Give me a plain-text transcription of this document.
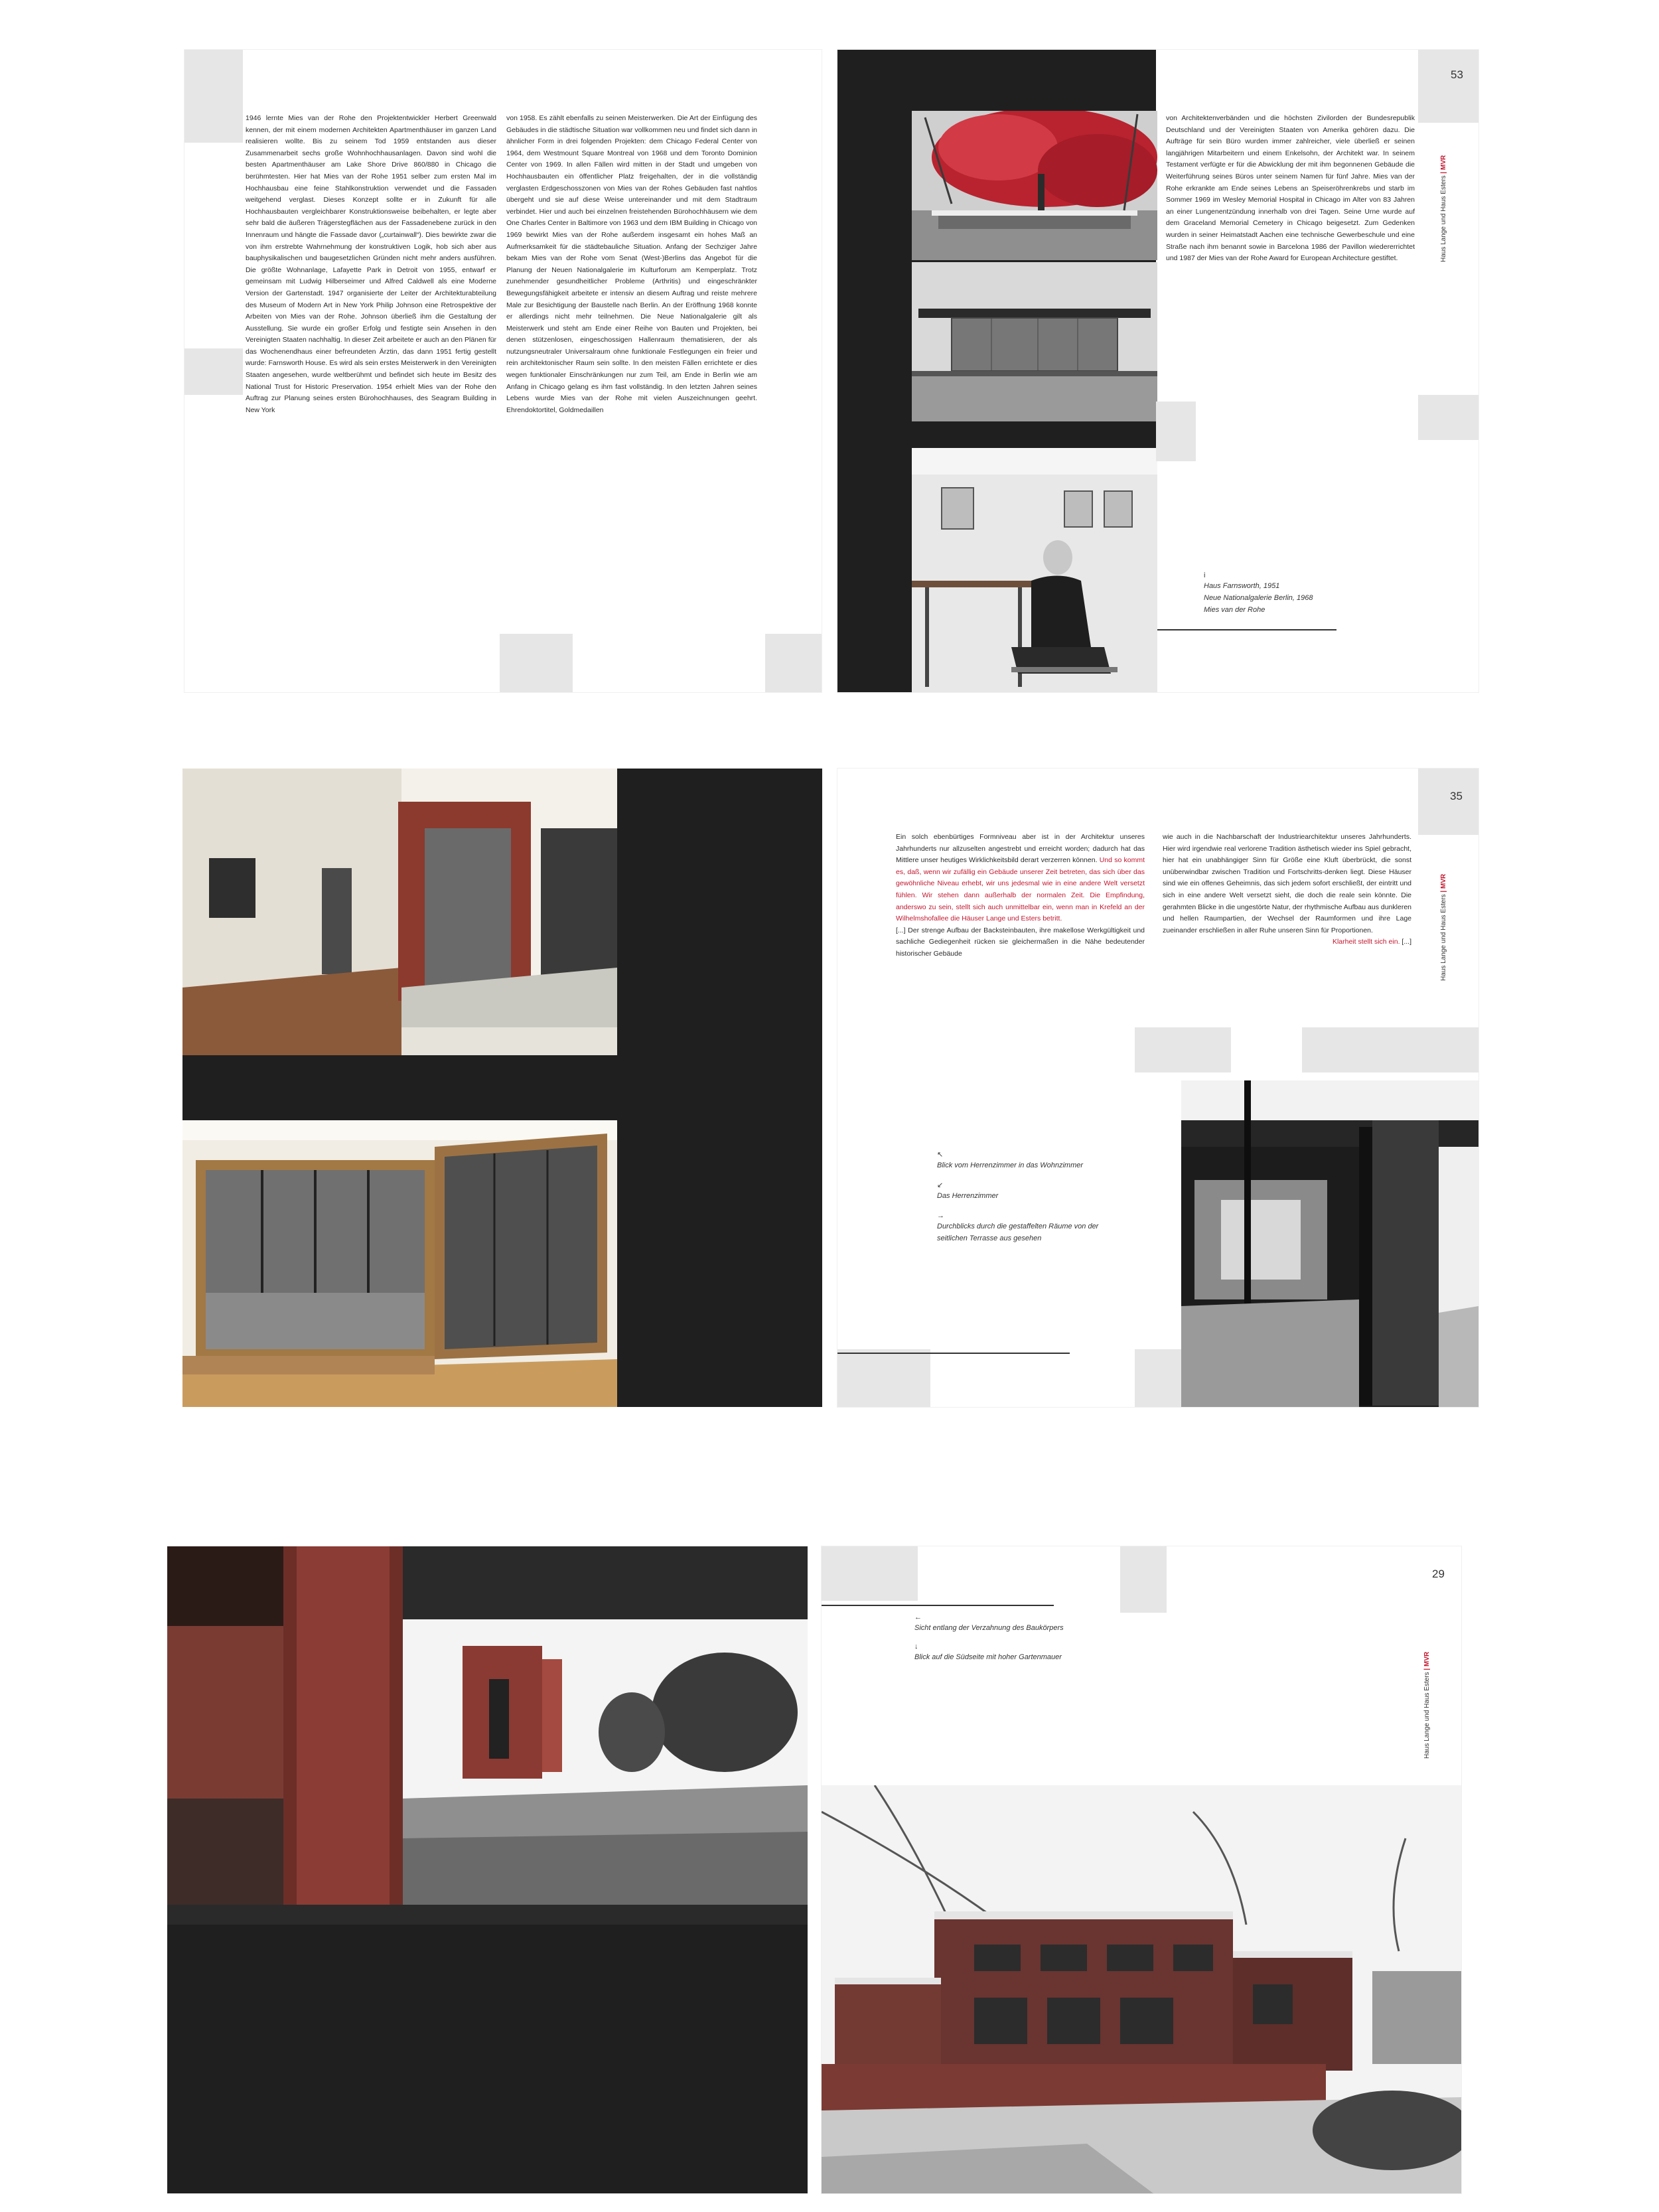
1946 lernte Mies van der Rohe den Projektentwickler Herbert Greenwald kennen, der mit einem modernen Architekten Apartmenthäuser im ganzen Land realisieren wollte. Bis zu seinem Tod 1959 entstanden aus dieser Zusammenarbeit sechs große Wohnhochhausanlagen. Davon sind wohl die besten Apartmenthäuser am Lake Shore Drive 860/880 in Chicago die berühmtesten. Hier hat Mies van der Rohe 1951 selber zum ersten Mal im Hochhausbau eine feine Stahlkonstruktion verwendet und die Fassaden weitgehend verglast. Dieses Konzept sollte er in Zukunft für alle Hochhausbauten vergleichbarer Konstruktionsweise beibehalten, er legte aber sehr bald die äußeren Trägerstegflächen aus der Fassadenebene zurück in den Innenraum und hängte die Fassade davor („curtainwall“). Dies bewirkte zwar die von ihm erstrebte Wahrnehmung der konstruktiven Logik, hob sich aber aus bauphysikalischen und baugesetzlichen Gründen nicht mehr anders ausführen. Die größte Wohnanlage, Lafayette Park in Detroit von 1955, entwarf er gemeinsam mit Ludwig Hilberseimer und Alfred Caldwell als eine Moderne Version der Gartenstadt. 1947 organisierte der Leiter der Architekturabteilung des Museum of Modern Art in New York Philip Johnson eine Retrospektive der Arbeiten von Mies van der Rohe. Johnson überließ ihm die Gestaltung der Ausstellung. Sie wurde ein großer Erfolg und festigte sein Ansehen in den Vereinigten Staaten nachhaltig. In dieser Zeit arbeitete er auch an den Plänen für das Wochenendhaus einer befreundeten Ärztin, das dann 1951 fertig gestellt wurde: Farnsworth House. Es wird als sein erstes Meisterwerk in den Vereinigten Staaten angesehen, wurde weltberühmt und befindet sich heute im Besitz des National Trust for Historic Preservation. 1954 erhielt Mies van der Rohe den Auftrag zur Planung seines ersten Bürohochhauses, des Seagram Building in New York
von 1958. Es zählt ebenfalls zu seinen Meisterwerken. Die Art der Einfügung des Gebäudes in die städtische Situation war vollkommen neu und findet sich dann in ähnlicher Form in drei folgenden Projekten: dem Chicago Federal Center von 1964, dem Westmount Square Montreal von 1968 und dem Toronto Dominion Center von 1969. In allen Fällen wird mitten in der Stadt und umgeben von Hochhausbauten ein öffentlicher Platz freigehalten, der in die vollständig verglasten Erdgeschosszonen von Mies van der Rohes Gebäuden fast nahtlos übergeht und sie auf diese Weise untereinander und mit dem Stadtraum verbindet. Hier und auch bei einzelnen freistehenden Bürohochhäusern wie dem One Charles Center in Baltimore von 1963 und dem IBM Building in Chicago von 1969 bewirkt Mies van der Rohe außerdem insgesamt ein hohes Maß an Aufmerksamkeit für die städtebauliche Situation. Anfang der Sechziger Jahre bekam Mies van der Rohe vom Senat (West-)Berlins das Angebot für die Planung der Neuen Nationalgalerie im Kulturforum am Kemperplatz. Trotz zunehmender gesundheitlicher Probleme (Arthritis) und eingeschränkter Bewegungsfähigkeit arbeitete er intensiv an diesem Auftrag und reiste mehrere Male zur Besichtigung der Baustelle nach Berlin. An der Eröffnung 1968 konnte er allerdings nicht mehr teilnehmen. Die Neue Nationalgalerie gilt als Meisterwerk und steht am Ende einer Reihe von Bauten und Projekten, bei denen stützenlosen, eingeschossigen Hallenraum thematisieren, der als nutzungsneutraler Universalraum ohne funktionale Festlegungen ein freier und rein architektonischer Raum sein sollte. In den meisten Fällen errichtete er dies wegen funktionaler Einschränkungen nur zum Teil, am Ende in Berlin wie am Anfang in Chicago gelang es ihm fast vollständig. In den letzten Jahren seines Lebens wurde Mies van der Rohe mit vielen Auszeichnungen geehrt. Ehrendoktortitel, Goldmedaillen
von Architektenverbänden und die höchsten Zivilorden der Bundesrepublik Deutschland und der Vereinigten Staaten von Amerika gehören dazu. Die Aufträge für sein Büro wurden immer zahlreicher, viele überließ er seinen langjährigen Mitarbeitern und einem Enkelsohn, der Architekt war. In seinem Testament verfügte er für die Abwicklung der mit ihm begonnenen Gebäude die Weiterführung seines Büros unter seinem Namen für fünf Jahre. Mies van der Rohe erkrankte am Ende seines Lebens an Speiseröhrenkrebs und starb im Sommer 1969 im Wesley Memorial Hospital in Chicago im Alter von 83 Jahren an einer Lungenentzündung innerhalb von drei Tagen. Seine Urne wurde auf dem Graceland Memorial Cemetery in Chicago beigesetzt. Zum Gedenken wurden in seiner Heimatstadt Aachen eine technische Gewerbeschule und eine Straße nach ihm benannt sowie in Barcelona 1986 der Pavillon wiedererrichtet und 1987 der Mies van der Rohe Award for European Architecture gestiftet.
i
Haus Farnsworth, 1951
Neue Nationalgalerie Berlin, 1968
Mies van der Rohe
53
Haus Lange und Haus Esters | MVR
Ein solch ebenbürtiges Formniveau aber ist in der Architektur unseres Jahrhunderts nur allzuselten angestrebt und erreicht worden; dadurch hat das Mittlere unser heutiges Wirklichkeitsbild derart verzerren können. Und so kommt es, daß, wenn wir zufällig ein Gebäude unserer Zeit betreten, das sich über das gewöhnliche Niveau erhebt, wir uns jedesmal wie in eine andere Welt versetzt fühlen. Wir stehen dann außerhalb der normalen Zeit. Die Empfindung, anderswo zu sein, stellt sich auch unmittelbar ein, wenn man in Krefeld an der Wilhelmshofallee die Häuser Lange und Esters betritt.
[...] Der strenge Aufbau der Backsteinbauten, ihre makellose Werkgültigkeit und sachliche Gediegenheit rücken sie gleichermaßen in die Nähe bedeutender historischer Gebäude
wie auch in die Nachbarschaft der Industriearchitektur unseres Jahrhunderts. Hier wird irgendwie real verlorene Tradition ästhetisch wieder ins Spiel gebracht, hier hat ein unabhängiger Sinn für Größe eine Kluft überbrückt, die sonst unüberwindbar zwischen Tradition und Fortschritts-denken liegt. Diese Häuser sind wie ein offenes Geheimnis, das sich jedem sofort erschließt, der eintritt und sich in eine andere Welt versetzt sieht, die doch die reale sein könnte. Die gerahmten Blicke in die ungestörte Natur, der rhythmische Aufbau aus dunkleren und hellen Raumpartien, der Wechsel der Raumformen und ihre Lage zueinander erschließen in aller Ruhe unseren Sinn für Proportionen.
Klarheit stellt sich ein. [...]
↖
Blick vom Herrenzimmer in das Wohnzimmer
↙
Das Herrenzimmer
→
Durchblicks durch die gestaffelten Räume von der seitlichen Terrasse aus gesehen
35
Haus Lange und Haus Esters | MVR
←
Sicht entlang der Verzahnung des Baukörpers
↓
Blick auf die Südseite mit hoher Gartenmauer
29
Haus Lange und Haus Esters | MVR
